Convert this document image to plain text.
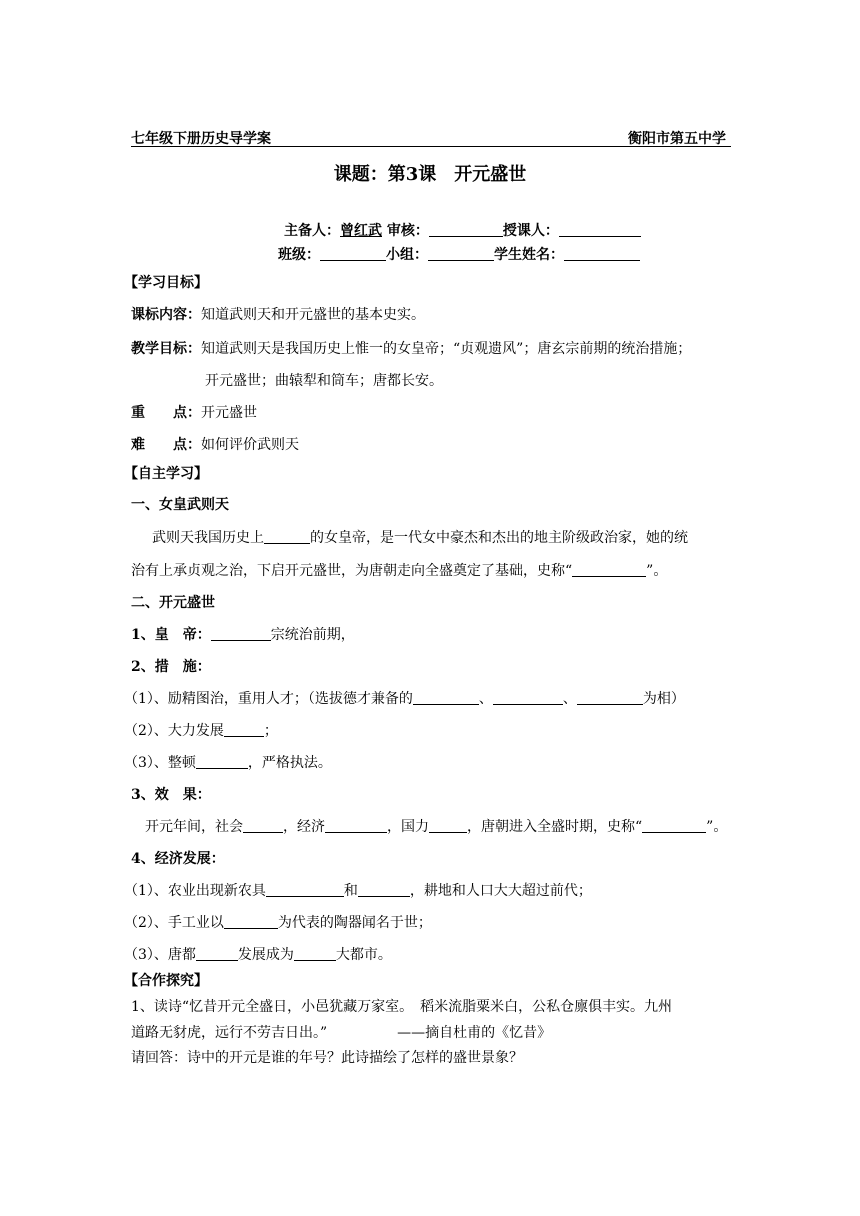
七年级下册历史导学案	衡阳市第五中学
课题：第3课　开元盛世
主备人：曾红武 审核：	授课人：
班级：	小组：	学生姓名：
【学习目标】
课标内容：知道武则天和开元盛世的基本史实。
教学目标：知道武则天是我国历史上惟一的女皇帝；“贞观遗风”；唐玄宗前期的统治措施；
开元盛世；曲辕犁和筒车；唐都长安。
重　　点：开元盛世
难　　点：如何评价武则天
【自主学习】
一、女皇武则天
武则天我国历史上	的女皇帝，是一代女中豪杰和杰出的地主阶级政治家，她的统
治有上承贞观之治，下启开元盛世，为唐朝走向全盛奠定了基础，史称“	”。
二、开元盛世
1、皇　帝：	宗统治前期，
2、措　施：
（1）、励精图治，重用人才；（选拔德才兼备的	、	、	为相）
（2）、大力发展	；
（3）、整顿	，严格执法。
3、效　果：
开元年间，社会	，经济	，国力	，唐朝进入全盛时期，史称“	”。
4、经济发展：
（1）、农业出现新农具	和	，耕地和人口大大超过前代；
（2）、手工业以	为代表的陶器闻名于世；
（3）、唐都	发展成为	大都市。
【合作探究】
1、读诗“忆昔开元全盛日，小邑犹藏万家室。　稻米流脂粟米白，公私仓廪俱丰实。九州
道路无豺虎，远行不劳吉日出。”	——摘自杜甫的《忆昔》
请回答：诗中的开元是谁的年号？此诗描绘了怎样的盛世景象？
